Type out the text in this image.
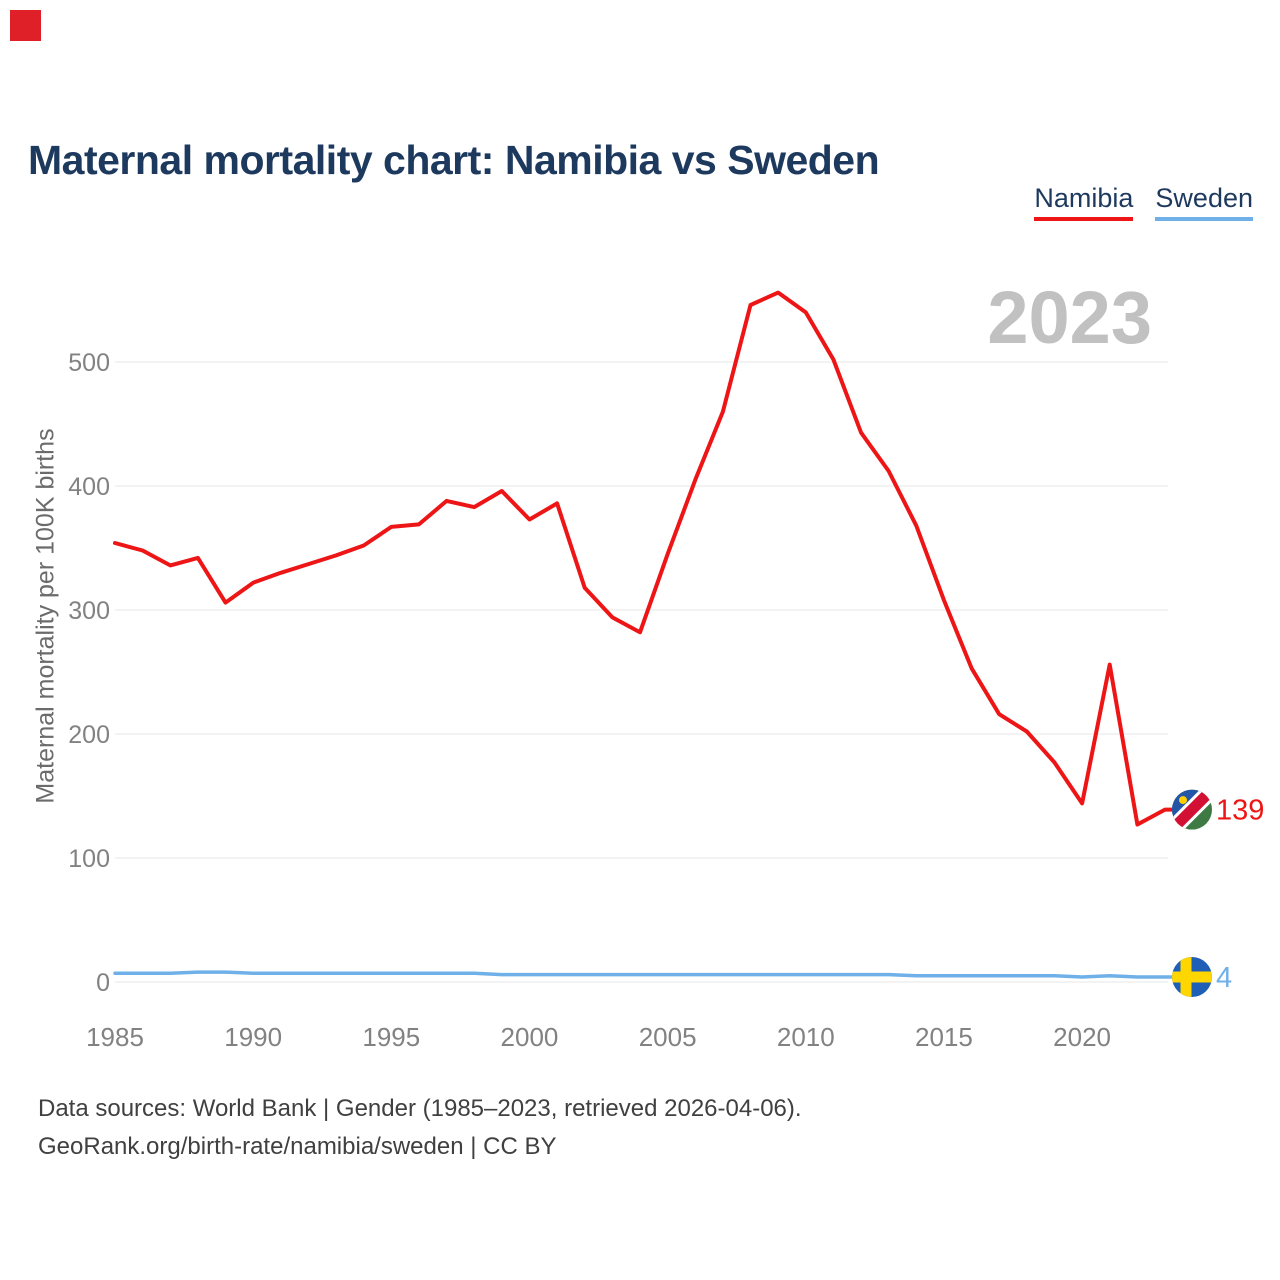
Maternal mortality chart: Namibia vs Sweden
Namibia Sweden
2023
Maternal mortality per 100K births
0
100
200
300
400
500
1985	1990	1995	2000	2005	2010	2015	2020
139
4
Data sources: World Bank | Gender (1985–2023, retrieved 2026-04-06).
GeoRank.org/birth-rate/namibia/sweden | CC BY
